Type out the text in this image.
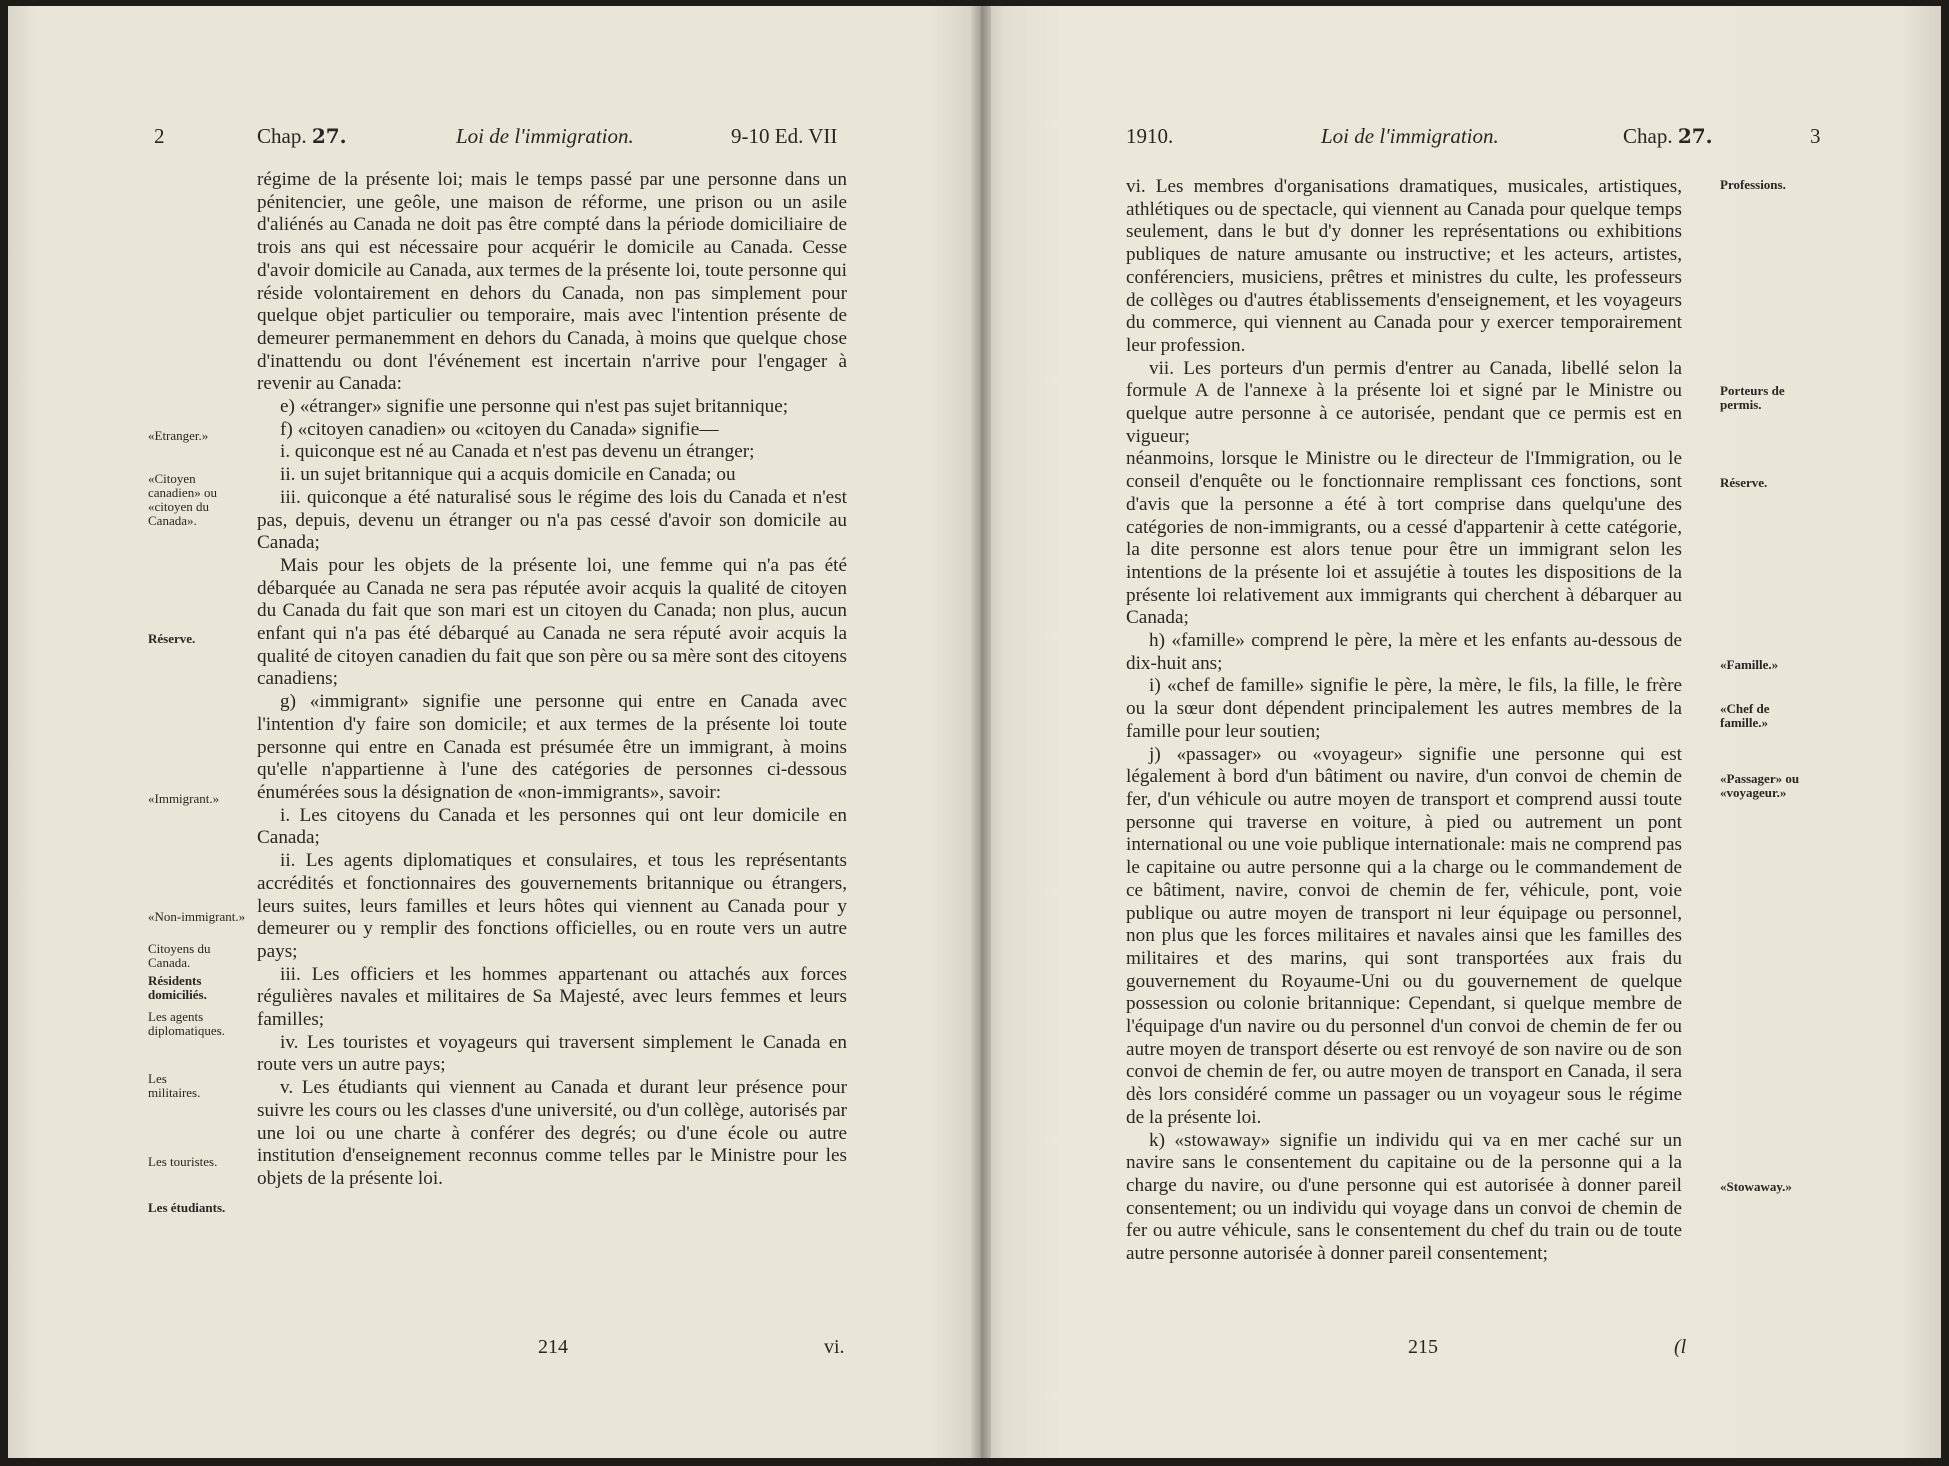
2	Chap. 27.	Loi de l'immigration.	9-10 Ed. VII

régime de la présente loi; mais le temps passé par une personne dans un pénitencier, une geôle, une maison de réforme, une prison ou un asile d'aliénés au Canada ne doit pas être compté dans la période domiciliaire de trois ans qui est nécessaire pour acquérir le domicile au Canada. Cesse d'avoir domicile au Canada, aux termes de la présente loi, toute personne qui réside volontairement en dehors du Canada, non pas simplement pour quelque objet particulier ou temporaire, mais avec l'intention présente de demeurer permanemment en dehors du Canada, à moins que quelque chose d'inattendu ou dont l'événement est incertain n'arrive pour l'engager à revenir au Canada:

e) «étranger» signifie une personne qui n'est pas sujet britannique;

f) «citoyen canadien» ou «citoyen du Canada» signifie—

i. quiconque est né au Canada et n'est pas devenu un étranger;

ii. un sujet britannique qui a acquis domicile en Canada; ou

iii. quiconque a été naturalisé sous le régime des lois du Canada et n'est pas, depuis, devenu un étranger ou n'a pas cessé d'avoir son domicile au Canada;

Mais pour les objets de la présente loi, une femme qui n'a pas été débarquée au Canada ne sera pas réputée avoir acquis la qualité de citoyen du Canada du fait que son mari est un citoyen du Canada; non plus, aucun enfant qui n'a pas été débarqué au Canada ne sera réputé avoir acquis la qualité de citoyen canadien du fait que son père ou sa mère sont des citoyens canadiens;

g) «immigrant» signifie une personne qui entre en Canada avec l'intention d'y faire son domicile; et aux termes de la présente loi toute personne qui entre en Canada est présumée être un immigrant, à moins qu'elle n'appartienne à l'une des catégories de personnes ci-dessous énumérées sous la désignation de «non-immigrants», savoir:

i. Les citoyens du Canada et les personnes qui ont leur domicile en Canada;

ii. Les agents diplomatiques et consulaires, et tous les représentants accrédités et fonctionnaires des gouvernements britannique ou étrangers, leurs suites, leurs familles et leurs hôtes qui viennent au Canada pour y demeurer ou y remplir des fonctions officielles, ou en route vers un autre pays;

iii. Les officiers et les hommes appartenant ou attachés aux forces régulières navales et militaires de Sa Majesté, avec leurs femmes et leurs familles;

iv. Les touristes et voyageurs qui traversent simplement le Canada en route vers un autre pays;

v. Les étudiants qui viennent au Canada et durant leur présence pour suivre les cours ou les classes d'une université, ou d'un collège, autorisés par une loi ou une charte à conférer des degrés; ou d'une école ou autre institution d'enseignement reconnus comme telles par le Ministre pour les objets de la présente loi.

«Etranger.»
«Citoyen canadien» ou «citoyen du Canada».
Réserve.
«Immigrant.»
«Non-immigrant.»
Citoyens du Canada.
Résidents domiciliés.
Les agents diplomatiques.
Les militaires.
Les touristes.
Les étudiants.
214	vi.
1910.	Loi de l'immigration.	Chap. 27.	3

vi. Les membres d'organisations dramatiques, musicales, artistiques, athlétiques ou de spectacle, qui viennent au Canada pour quelque temps seulement, dans le but d'y donner les représentations ou exhibitions publiques de nature amusante ou instructive; et les acteurs, artistes, conférenciers, musiciens, prêtres et ministres du culte, les professeurs de collèges ou d'autres établissements d'enseignement, et les voyageurs du commerce, qui viennent au Canada pour y exercer temporairement leur profession.

vii. Les porteurs d'un permis d'entrer au Canada, libellé selon la formule A de l'annexe à la présente loi et signé par le Ministre ou quelque autre personne à ce autorisée, pendant que ce permis est en vigueur;

néanmoins, lorsque le Ministre ou le directeur de l'Immigration, ou le conseil d'enquête ou le fonctionnaire remplissant ces fonctions, sont d'avis que la personne a été à tort comprise dans quelqu'une des catégories de non-immigrants, ou a cessé d'appartenir à cette catégorie, la dite personne est alors tenue pour être un immigrant selon les intentions de la présente loi et assujétie à toutes les dispositions de la présente loi relativement aux immigrants qui cherchent à débarquer au Canada;

h) «famille» comprend le père, la mère et les enfants au-dessous de dix-huit ans;

i) «chef de famille» signifie le père, la mère, le fils, la fille, le frère ou la sœur dont dépendent principalement les autres membres de la famille pour leur soutien;

j) «passager» ou «voyageur» signifie une personne qui est légalement à bord d'un bâtiment ou navire, d'un convoi de chemin de fer, d'un véhicule ou autre moyen de transport et comprend aussi toute personne qui traverse en voiture, à pied ou autrement un pont international ou une voie publique internationale: mais ne comprend pas le capitaine ou autre personne qui a la charge ou le commandement de ce bâtiment, navire, convoi de chemin de fer, véhicule, pont, voie publique ou autre moyen de transport ni leur équipage ou personnel, non plus que les forces militaires et navales ainsi que les familles des militaires et des marins, qui sont transportées aux frais du gouvernement du Royaume-Uni ou du gouvernement de quelque possession ou colonie britannique: Cependant, si quelque membre de l'équipage d'un navire ou du personnel d'un convoi de chemin de fer ou autre moyen de transport déserte ou est renvoyé de son navire ou de son convoi de chemin de fer, ou autre moyen de transport en Canada, il sera dès lors considéré comme un passager ou un voyageur sous le régime de la présente loi.

k) «stowaway» signifie un individu qui va en mer caché sur un navire sans le consentement du capitaine ou de la personne qui a la charge du navire, ou d'une personne qui est autorisée à donner pareil consentement; ou un individu qui voyage dans un convoi de chemin de fer ou autre véhicule, sans le consentement du chef du train ou de toute autre personne autorisée à donner pareil consentement;

Professions.
Porteurs de permis.
Réserve.
«Famille.»
«Chef de famille.»
«Passager» ou «voyageur.»
«Stowaway.»
215	(l
